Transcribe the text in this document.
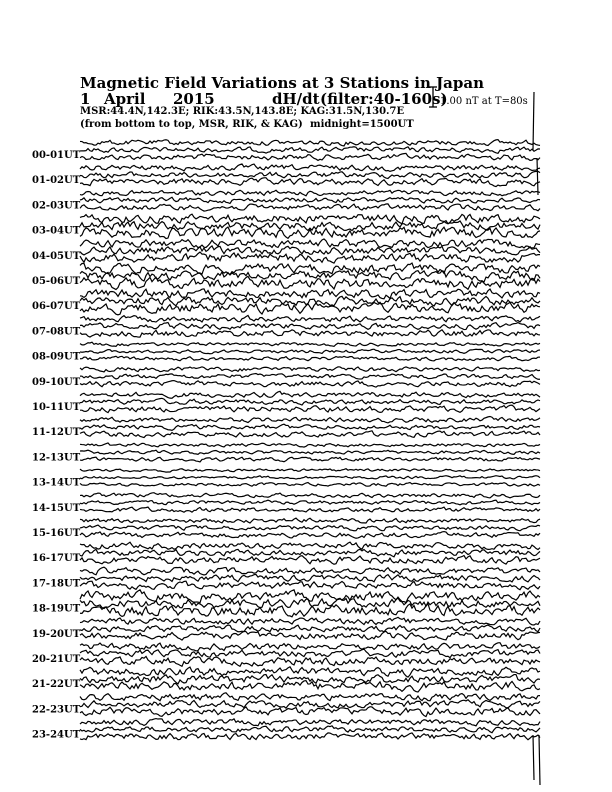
Magnetic Field Variations at 3 Stations in Japan
1 April 2015	dH/dt (filter:40-160s)
MSR:44.4N,142.3E; RIK:43.5N,143.8E; KAG:31.5N,130.7E
(from bottom to top, MSR, RIK, & KAG) midnight=1500UT
1.00 nT at T=80s
00-01UT
01-02UT
02-03UT
03-04UT
04-05UT
05-06UT
06-07UT
07-08UT
08-09UT
09-10UT
10-11UT
11-12UT
12-13UT
13-14UT
14-15UT
15-16UT
16-17UT
17-18UT
18-19UT
19-20UT
20-21UT
21-22UT
22-23UT
23-24UT
